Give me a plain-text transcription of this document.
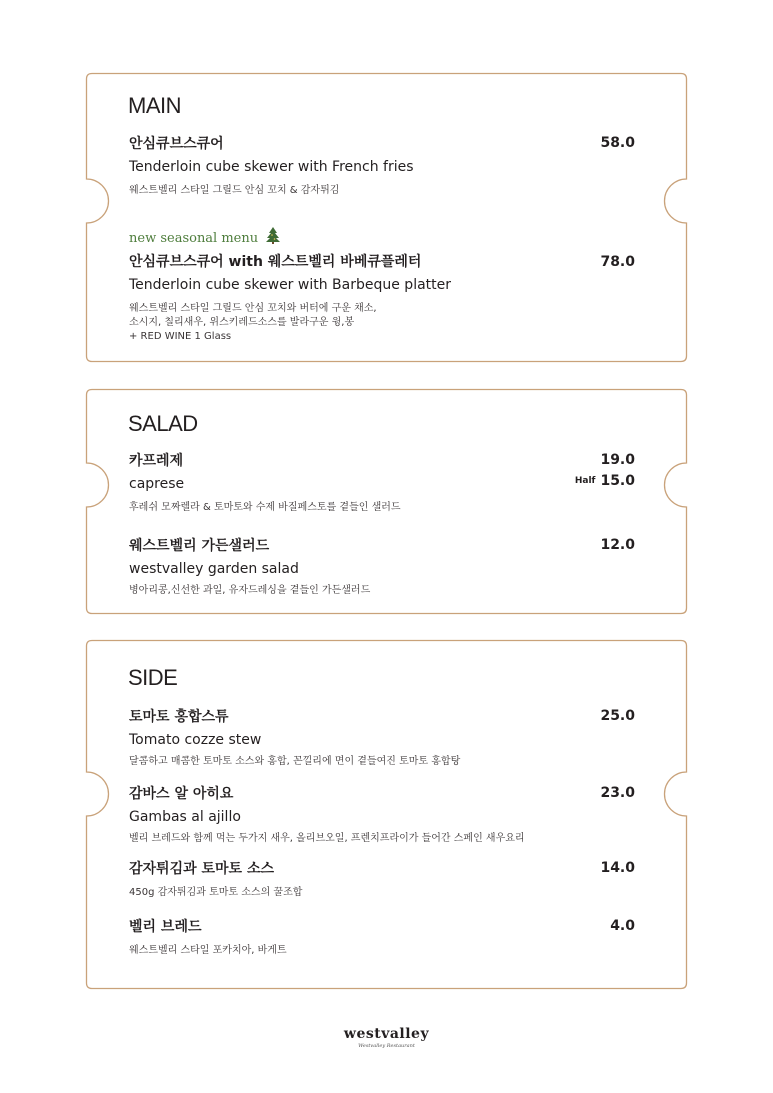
MAIN
안심큐브스큐어
Tenderloin cube skewer with French fries
웨스트벨리 스타일 그릴드 안심 꼬치 & 감자튀김
58.0
new seasonal menu
안심큐브스큐어 with 웨스트벨리 바베큐플레터
Tenderloin cube skewer with Barbeque platter
웨스트벨리 스타일 그릴드 안심 꼬치와 버터에 구운 채소,
소시지, 칠리새우, 위스키레드소스를 발라구운 윙,봉
+ RED WINE 1 Glass
78.0
SALAD
카프레제
caprese
후레쉬 모짜렐라 & 토마토와 수제 바질페스토를 곁들인 샐러드
19.0
Half 15.0
웨스트벨리 가든샐러드
westvalley garden salad
병아리콩,신선한 과일, 유자드레싱을 곁들인 가든샐러드
12.0
SIDE
토마토 홍합스튜
Tomato cozze stew
달콤하고 매콤한 토마토 소스와 홍합, 꼰낄리에 면이 곁들여진 토마토 홍합탕
25.0
감바스 알 아히요
Gambas al ajillo
벨리 브레드와 함께 먹는 두가지 새우, 올리브오일, 프렌치프라이가 들어간 스페인 새우요리
23.0
감자튀김과 토마토 소스
450g 감자튀김과 토마토 소스의 꿀조합
14.0
벨리 브레드
웨스트벨리 스타일 포카치아, 바게트
4.0
westvalley
Westvalley Restaurant
